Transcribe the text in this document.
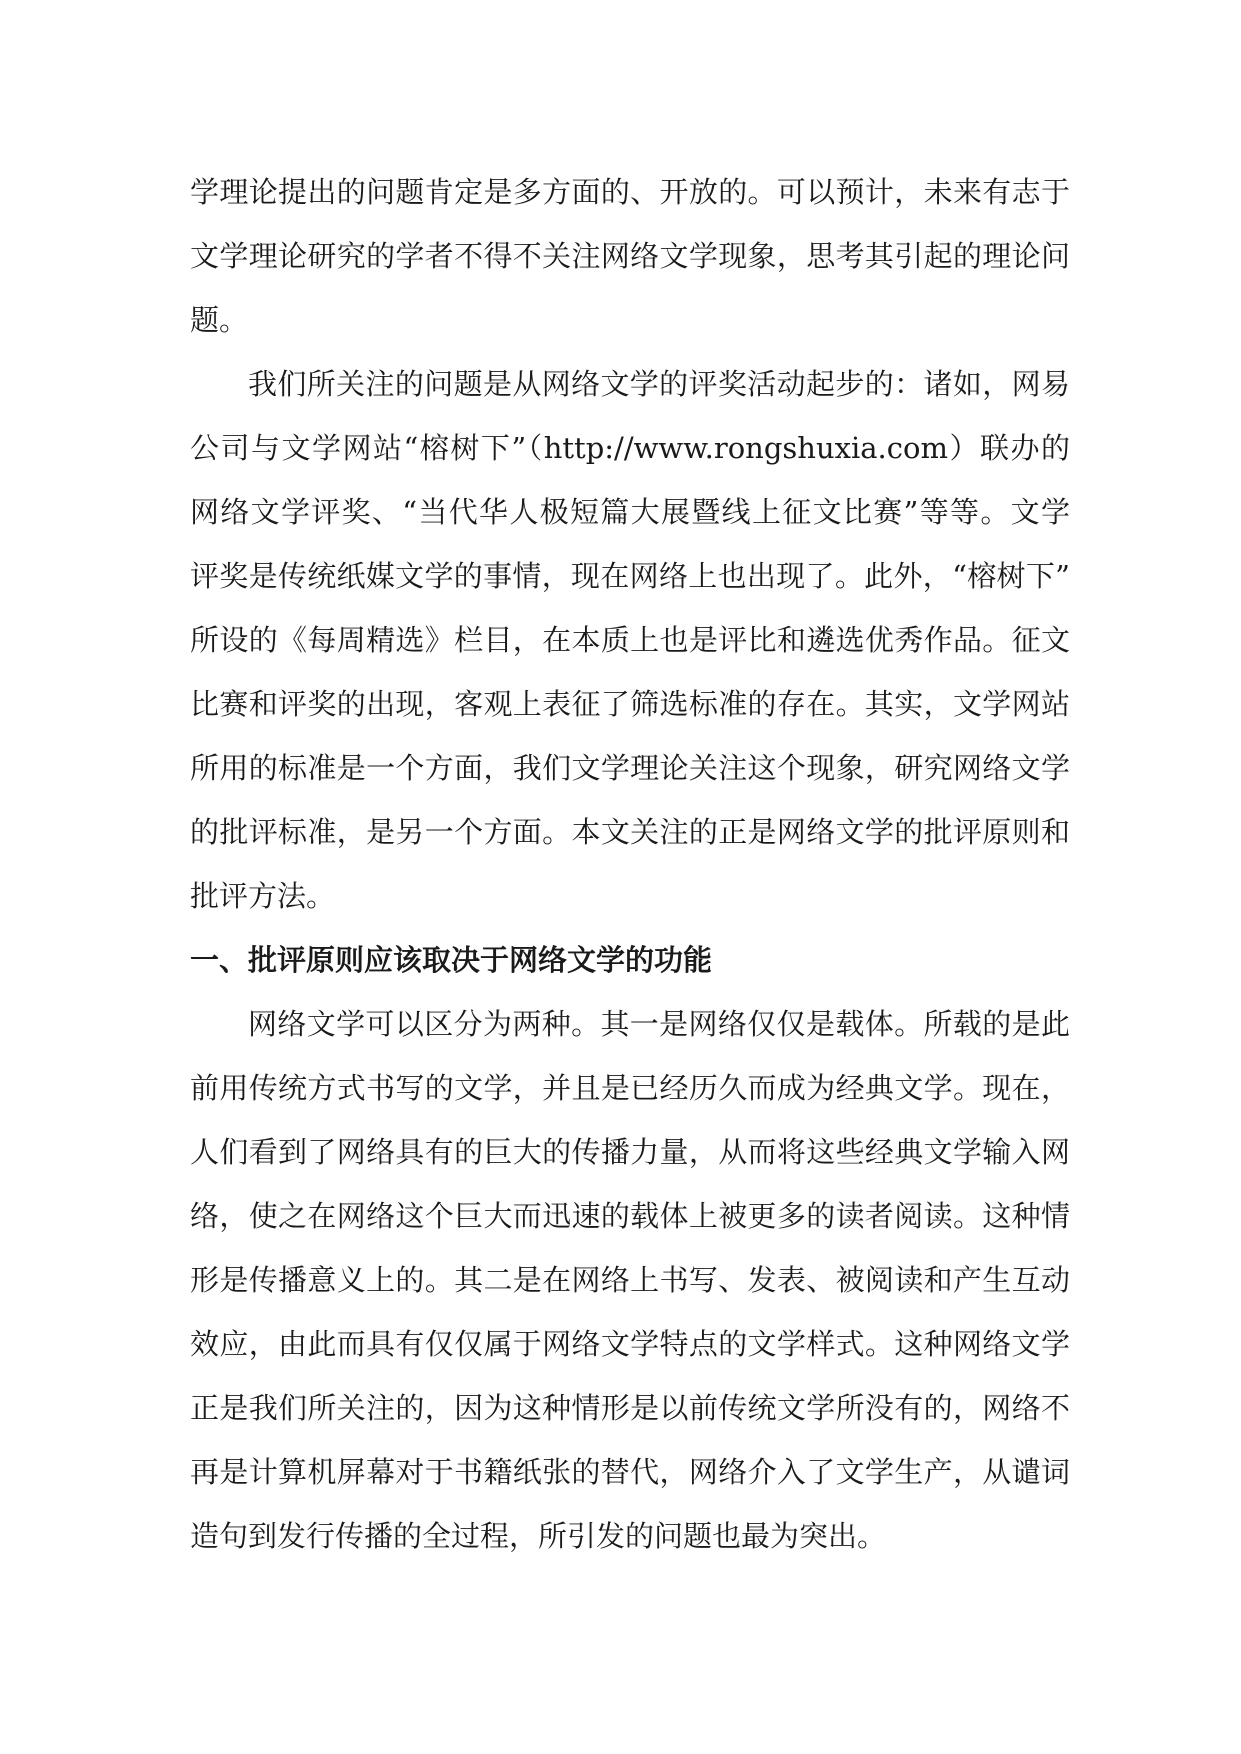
学理论提出的问题肯定是多方面的、开放的。可以预计，未来有志于
文学理论研究的学者不得不关注网络文学现象，思考其引起的理论问
题。
我们所关注的问题是从网络文学的评奖活动起步的：诸如，网易
公司与文学网站“榕树下”（http://www.rongshuxia.com）联办的
网络文学评奖、“当代华人极短篇大展暨线上征文比赛”等等。文学
评奖是传统纸媒文学的事情，现在网络上也出现了。此外，“榕树下”
所设的《每周精选》栏目，在本质上也是评比和遴选优秀作品。征文
比赛和评奖的出现，客观上表征了筛选标准的存在。其实，文学网站
所用的标准是一个方面，我们文学理论关注这个现象，研究网络文学
的批评标准，是另一个方面。本文关注的正是网络文学的批评原则和
批评方法。
一、批评原则应该取决于网络文学的功能
网络文学可以区分为两种。其一是网络仅仅是载体。所载的是此
前用传统方式书写的文学，并且是已经历久而成为经典文学。现在，
人们看到了网络具有的巨大的传播力量，从而将这些经典文学输入网
络，使之在网络这个巨大而迅速的载体上被更多的读者阅读。这种情
形是传播意义上的。其二是在网络上书写、发表、被阅读和产生互动
效应，由此而具有仅仅属于网络文学特点的文学样式。这种网络文学
正是我们所关注的，因为这种情形是以前传统文学所没有的，网络不
再是计算机屏幕对于书籍纸张的替代，网络介入了文学生产，从谴词
造句到发行传播的全过程，所引发的问题也最为突出。
